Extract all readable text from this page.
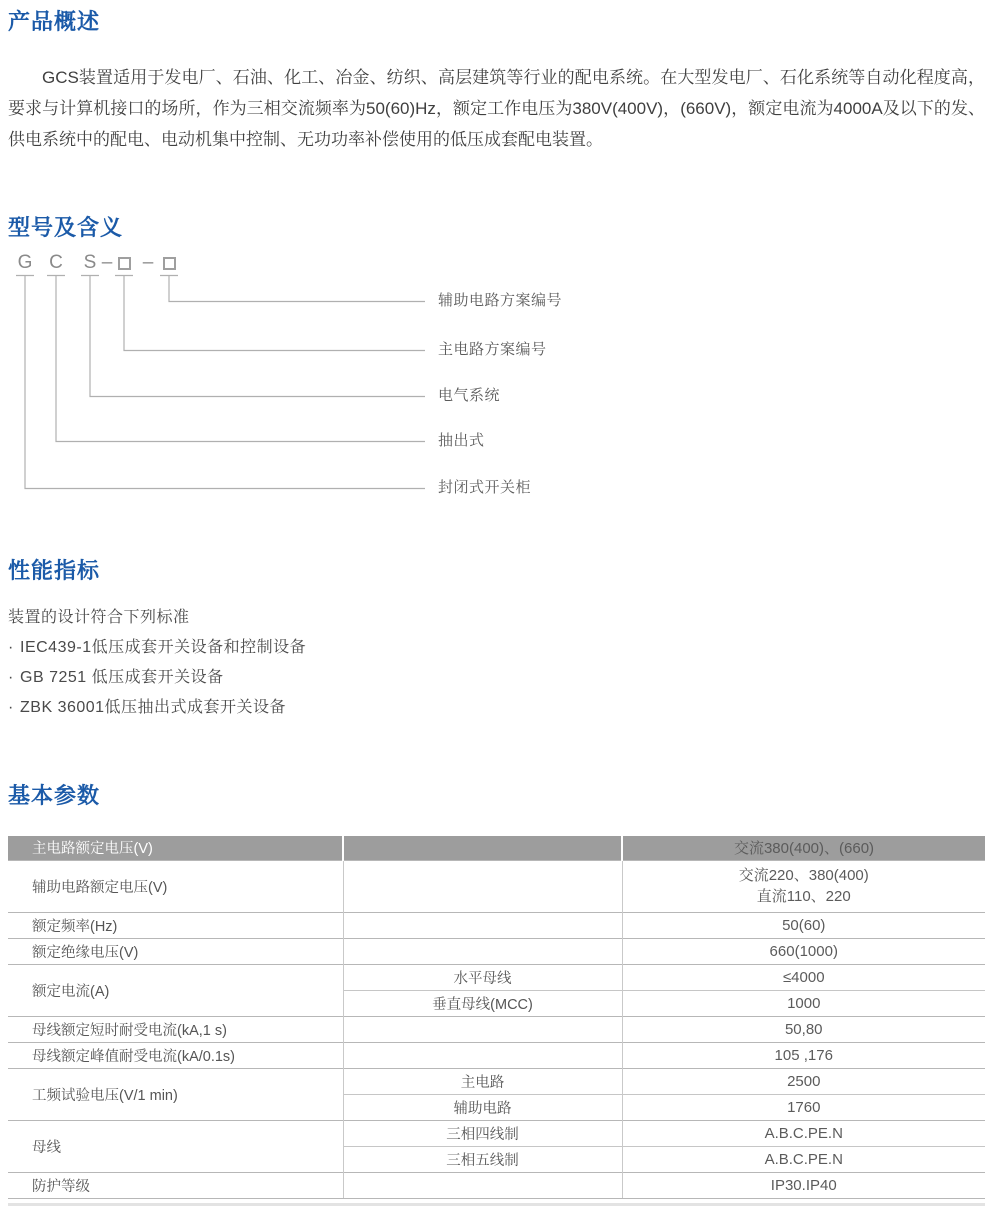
产品概述

GCS装置适用于发电厂、石油、化工、冶金、纺织、高层建筑等行业的配电系统。在大型发电厂、石化系统等自动化程度高，要求与计算机接口的场所，作为三相交流频率为50(60)Hz，额定工作电压为380V(400V)，(660V)，额定电流为4000A及以下的发、供电系统中的配电、电动机集中控制、无功功率补偿使用的低压成套配电装置。

型号及含义
G C S – –
辅助电路方案编号
主电路方案编号
电气系统
抽出式
封闭式开关柜
性能指标
装置的设计符合下列标准
· IEC439-1低压成套开关设备和控制设备
· GB 7251 低压成套开关设备
· ZBK 36001低压抽出式成套开关设备
基本参数
主电路额定电压(V)		交流380(400)、(660)
辅助电路额定电压(V)		交流220、380(400)
直流110、220

额定频率(Hz)		50(60)
额定绝缘电压(V)		660(1000)
额定电流(A)	水平母线	≤4000
	垂直母线(MCC)	1000
母线额定短时耐受电流(kA,1 s)		50,80
母线额定峰值耐受电流(kA/0.1s)		105 ,176
工频试验电压(V/1 min)	主电路	2500
	辅助电路	1760
母线	三相四线制	A.B.C.PE.N
	三相五线制	A.B.C.PE.N
防护等级		IP30.IP40
